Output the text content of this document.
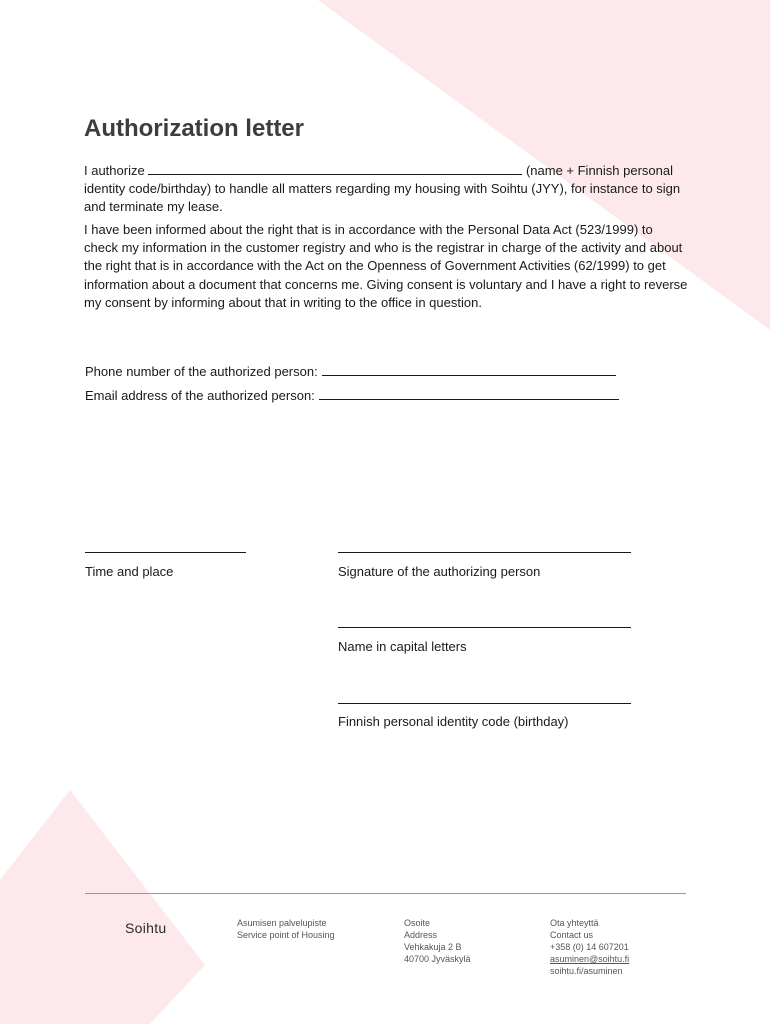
Authorization letter
I authorize	(name + Finnish personal identity code/birthday) to handle all matters regarding my housing with Soihtu (JYY), for instance to sign and terminate my lease.
I have been informed about the right that is in accordance with the Personal Data Act (523/1999) to check my information in the customer registry and who is the registrar in charge of the activity and about the right that is in accordance with the Act on the Openness of Government Activities (62/1999) to get information about a document that concerns me. Giving consent is voluntary and I have a right to reverse my consent by informing about that in writing to the office in question.
Phone number of the authorized person:
Email address of the authorized person:
Time and place	Signature of the authorizing person
Name in capital letters
Finnish personal identity code (birthday)
Soihtu	Asumisen palvelupiste
Service point of Housing
Osoite
Address
Vehkakuja 2 B
40700 Jyväskylä
Ota yhteyttä
Contact us
+358 (0) 14 607201
asuminen@soihtu.fi
soihtu.fi/asuminen
